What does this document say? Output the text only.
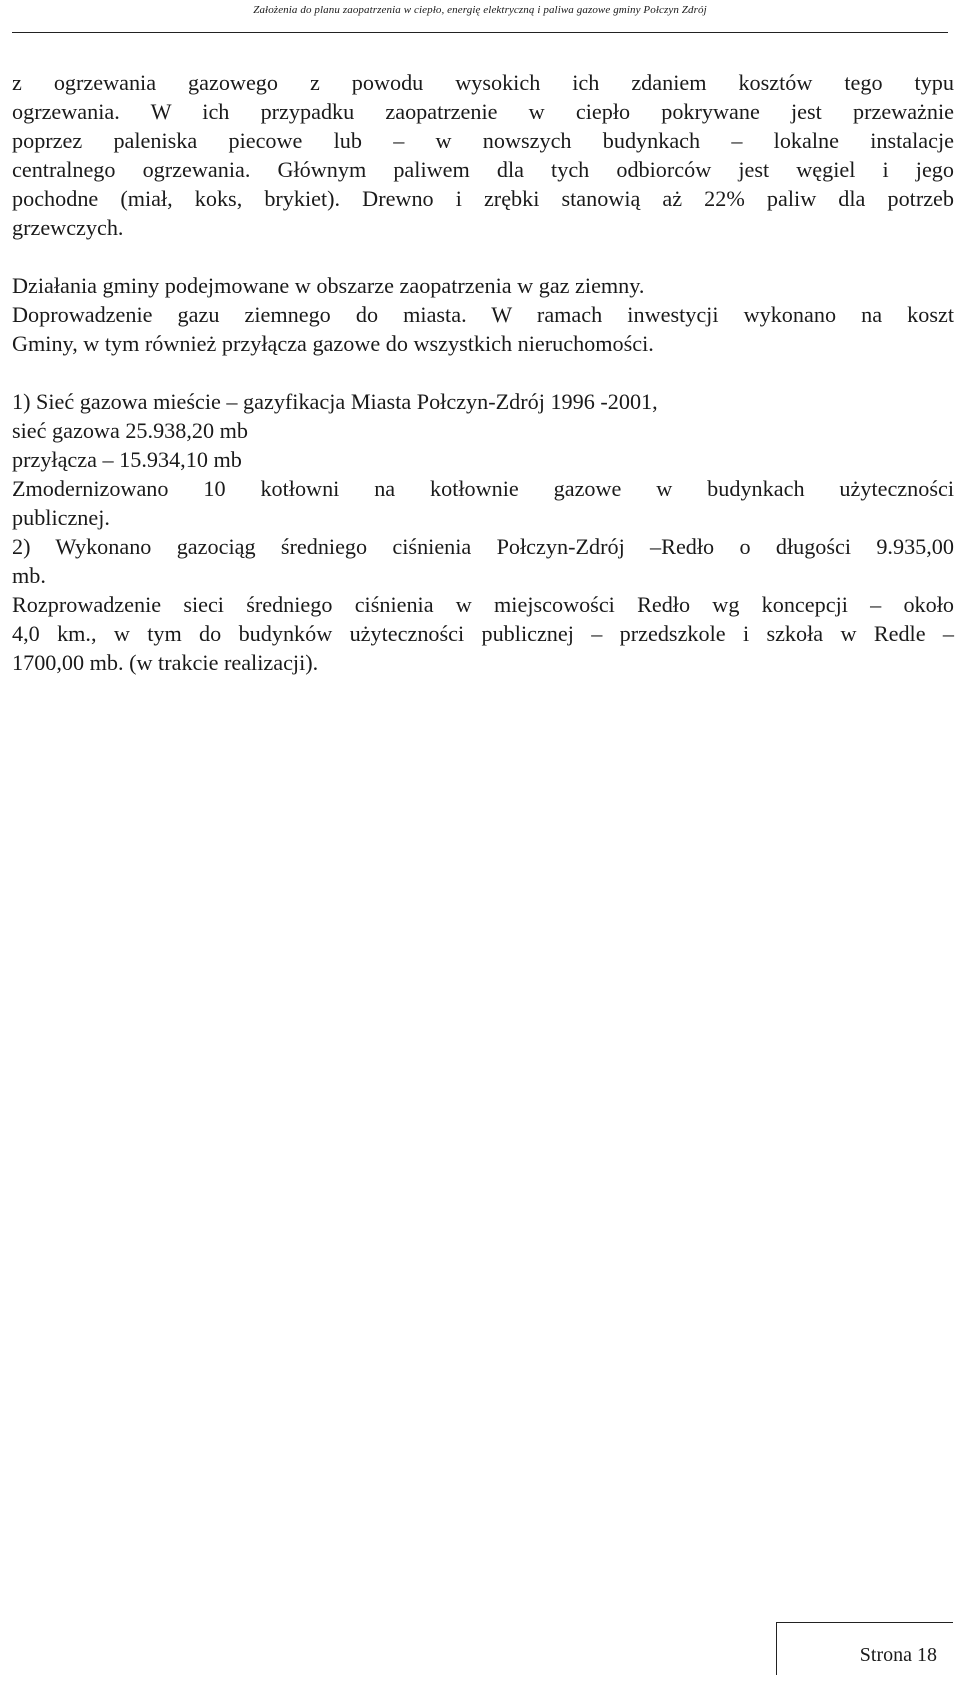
Założenia do planu zaopatrzenia w ciepło, energię elektryczną i paliwa gazowe gminy Połczyn Zdrój
z ogrzewania gazowego z powodu wysokich ich zdaniem kosztów tego typu
ogrzewania. W ich przypadku zaopatrzenie w ciepło pokrywane jest przeważnie
poprzez paleniska piecowe lub – w nowszych budynkach – lokalne instalacje
centralnego ogrzewania. Głównym paliwem dla tych odbiorców jest węgiel i jego
pochodne (miał, koks, brykiet). Drewno i zrębki stanowią aż 22% paliw dla potrzeb
grzewczych.
Działania gminy podejmowane w obszarze zaopatrzenia w gaz ziemny.
Doprowadzenie gazu ziemnego do miasta. W ramach inwestycji wykonano na koszt
Gminy, w tym również przyłącza gazowe do wszystkich nieruchomości.
1) Sieć gazowa mieście – gazyfikacja Miasta Połczyn-Zdrój 1996 -2001,
sieć gazowa 25.938,20 mb
przyłącza – 15.934,10 mb
Zmodernizowano 10 kotłowni na kotłownie gazowe w budynkach użyteczności
publicznej.
2) Wykonano gazociąg średniego ciśnienia Połczyn-Zdrój –Redło o długości 9.935,00
mb.
Rozprowadzenie sieci średniego ciśnienia w miejscowości Redło wg koncepcji – około
4,0 km., w tym do budynków użyteczności publicznej – przedszkole i szkoła w Redle –
1700,00 mb. (w trakcie realizacji).
Strona 18
